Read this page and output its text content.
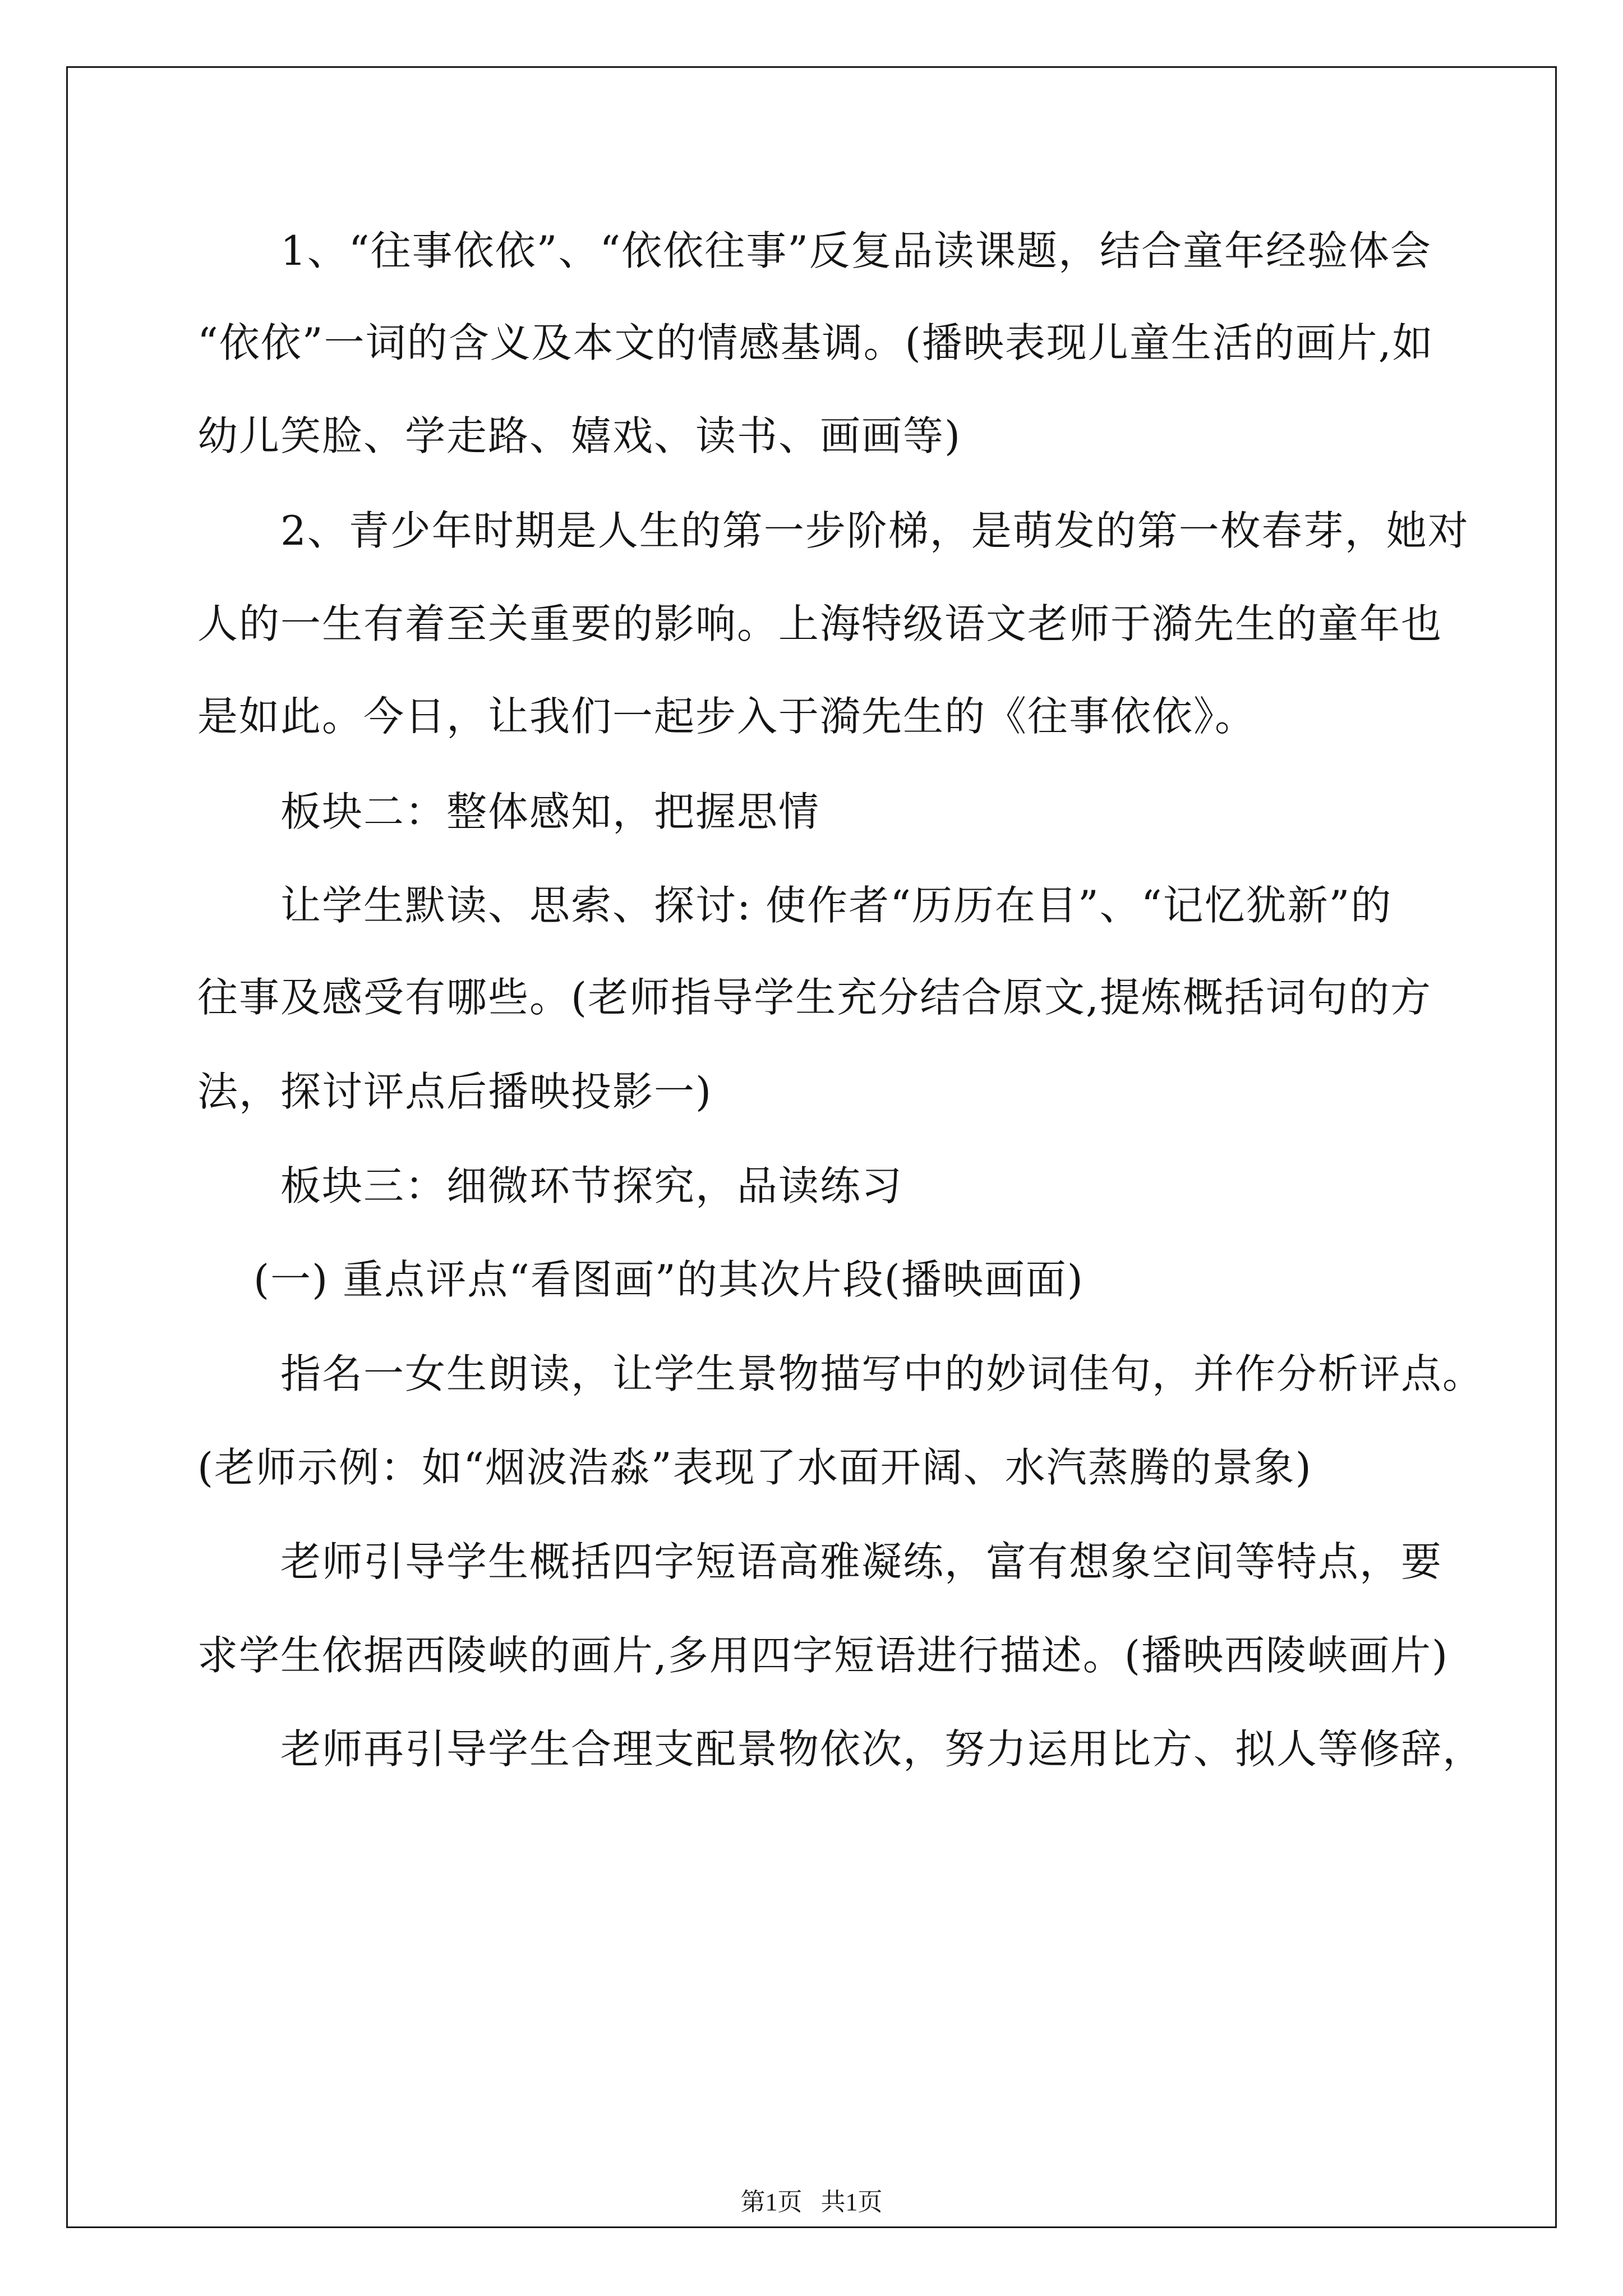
1、“往事依依”、“依依往事”反复品读课题，结合童年经验体会
“依依”一词的含义及本文的情感基调。(播映表现儿童生活的画片,如
幼儿笑脸、学走路、嬉戏、读书、画画等)
2、青少年时期是人生的第一步阶梯，是萌发的第一枚春芽，她对
人的一生有着至关重要的影响。上海特级语文老师于漪先生的童年也
是如此。今日，让我们一起步入于漪先生的《往事依依》。
板块二：整体感知，把握思情
让学生默读、思索、探讨: 使作者“历历在目”、“记忆犹新”的
往事及感受有哪些。(老师指导学生充分结合原文,提炼概括词句的方
法，探讨评点后播映投影一)
板块三：细微环节探究，品读练习
(一) 重点评点“看图画”的其次片段(播映画面)
指名一女生朗读，让学生景物描写中的妙词佳句，并作分析评点。
(老师示例：如“烟波浩淼”表现了水面开阔、水汽蒸腾的景象)
老师引导学生概括四字短语高雅凝练，富有想象空间等特点，要
求学生依据西陵峡的画片,多用四字短语进行描述。(播映西陵峡画片)
老师再引导学生合理支配景物依次，努力运用比方、拟人等修辞，
第1页   共1页
